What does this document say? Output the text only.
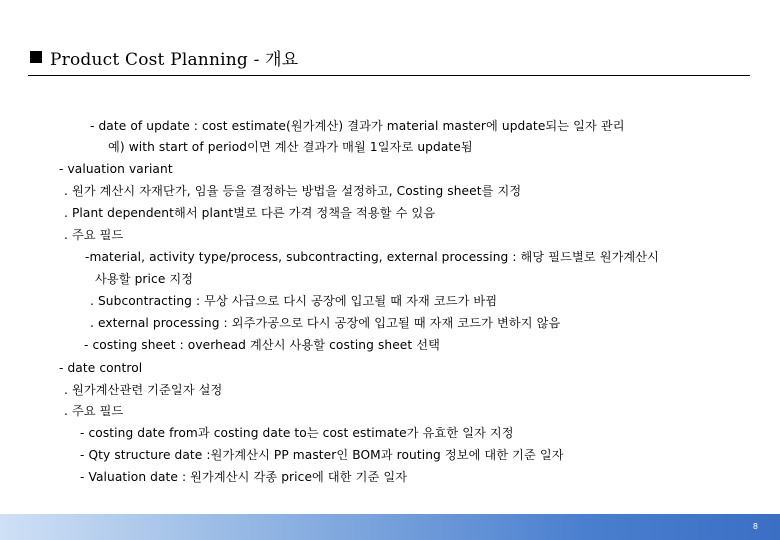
Product Cost Planning - 개요
- date of update : cost estimate(원가계산) 결과가 material master에 update되는 일자 관리
예) with start of period이면 계산 결과가 매월 1일자로 update됨
- valuation variant
. 원가 계산시 자재단가, 임율 등을 결정하는 방법을 설정하고, Costing sheet를 지정
. Plant dependent해서 plant별로 다른 가격 정책을 적용할 수 있음
. 주요 필드
-material, activity type/process, subcontracting, external processing : 해당 필드별로 원가계산시
사용할 price 지정
. Subcontracting : 무상 사급으로 다시 공장에 입고될 때 자재 코드가 바뀜
. external processing : 외주가공으로 다시 공장에 입고될 때 자재 코드가 변하지 않음
- costing sheet : overhead 계산시 사용할 costing sheet 선택
- date control
. 원가계산관련 기준일자 설정
. 주요 필드
- costing date from과 costing date to는 cost estimate가 유효한 일자 지정
- Qty structure date :원가계산시 PP master인 BOM과 routing 정보에 대한 기준 일자
- Valuation date : 원가계산시 각종 price에 대한 기준 일자
8
